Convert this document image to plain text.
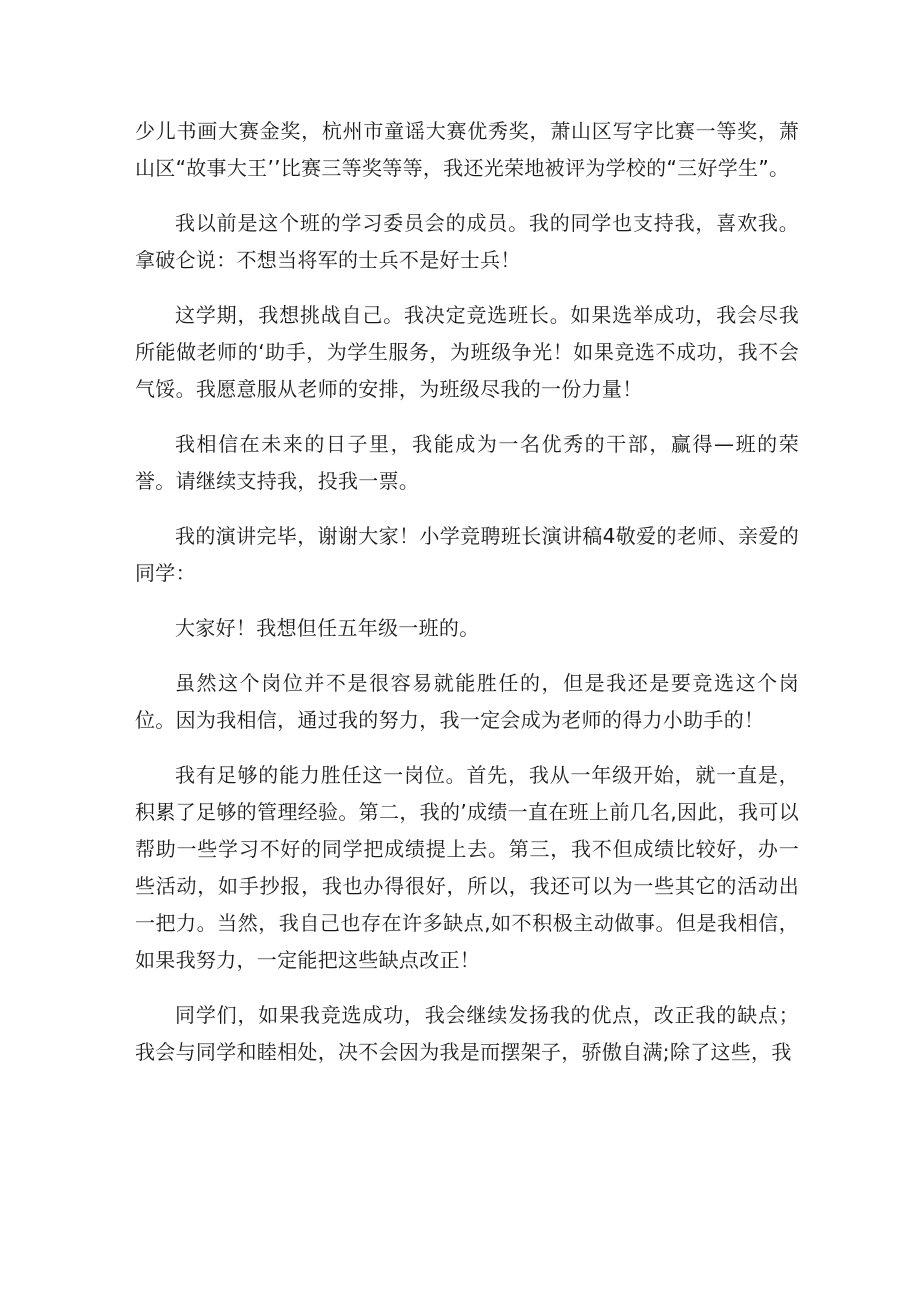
少儿书画大赛金奖，杭州市童谣大赛优秀奖，萧山区写字比赛一等奖，萧山区“故事大王’’比赛三等奖等等，我还光荣地被评为学校的“三好学生”。

我以前是这个班的学习委员会的成员。我的同学也支持我，喜欢我。拿破仑说：不想当将军的士兵不是好士兵！

这学期，我想挑战自己。我决定竞选班长。如果选举成功，我会尽我所能做老师的‘助手，为学生服务，为班级争光！如果竞选不成功，我不会气馁。我愿意服从老师的安排，为班级尽我的一份力量！

我相信在未来的日子里，我能成为一名优秀的干部，赢得—班的荣誉。请继续支持我，投我一票。

我的演讲完毕，谢谢大家！小学竞聘班长演讲稿4敬爱的老师、亲爱的同学：

大家好！我想但任五年级一班的。

虽然这个岗位并不是很容易就能胜任的，但是我还是要竞选这个岗位。因为我相信，通过我的努力，我一定会成为老师的得力小助手的！

我有足够的能力胜任这一岗位。首先，我从一年级开始，就一直是，积累了足够的管理经验。第二，我的’成绩一直在班上前几名,因此，我可以帮助一些学习不好的同学把成绩提上去。第三，我不但成绩比较好，办一些活动，如手抄报，我也办得很好，所以，我还可以为一些其它的活动出一把力。当然，我自己也存在许多缺点,如不积极主动做事。但是我相信，如果我努力，一定能把这些缺点改正！

同学们，如果我竞选成功，我会继续发扬我的优点，改正我的缺点；我会与同学和睦相处，决不会因为我是而摆架子，骄傲自满;除了这些，我
